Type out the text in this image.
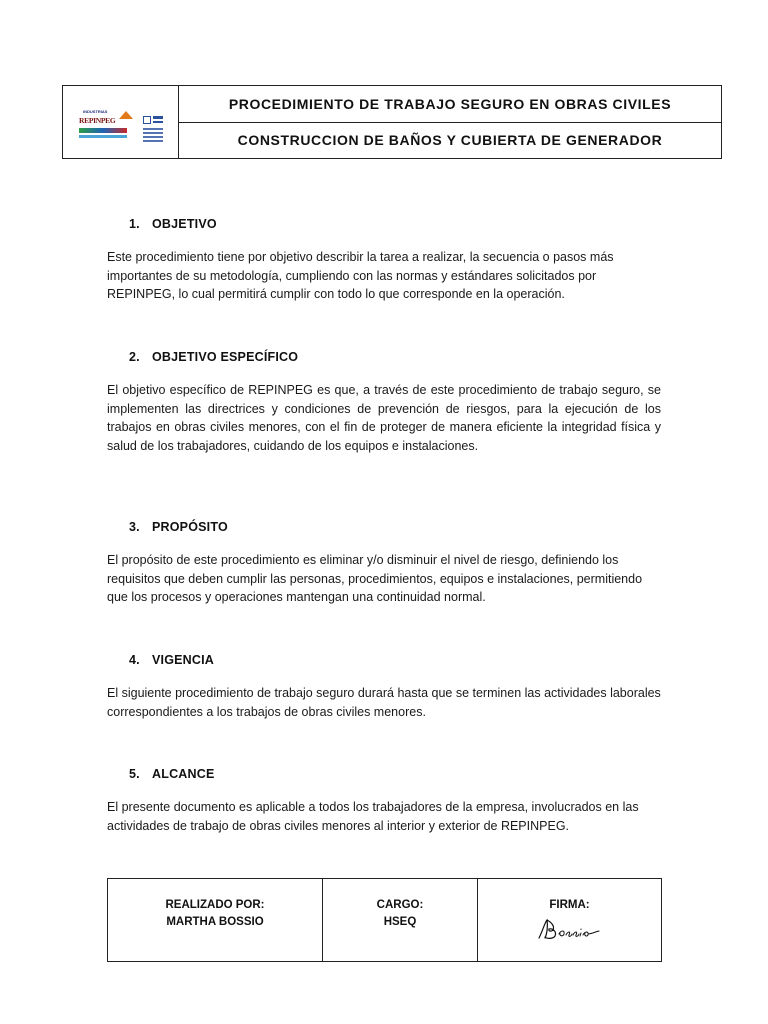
INDUSTRIAS
REPINPEG
PROCEDIMIENTO DE TRABAJO SEGURO EN OBRAS CIVILES
CONSTRUCCION DE BAÑOS Y CUBIERTA DE GENERADOR
1. OBJETIVO

Este procedimiento tiene por objetivo describir la tarea a realizar, la secuencia o pasos más importantes de su metodología, cumpliendo con las normas y estándares solicitados por REPINPEG, lo cual permitirá cumplir con todo lo que corresponde en la operación.

2. OBJETIVO ESPECÍFICO

El objetivo específico de REPINPEG es que, a través de este procedimiento de trabajo seguro, se implementen las directrices y condiciones de prevención de riesgos, para la ejecución de los trabajos en obras civiles menores, con el fin de proteger de manera eficiente la integridad física y salud de los trabajadores, cuidando de los equipos e instalaciones.

3. PROPÓSITO

El propósito de este procedimiento es eliminar y/o disminuir el nivel de riesgo, definiendo los requisitos que deben cumplir las personas, procedimientos, equipos e instalaciones, permitiendo que los procesos y operaciones mantengan una continuidad normal.

4. VIGENCIA

El siguiente procedimiento de trabajo seguro durará hasta que se terminen las actividades laborales correspondientes a los trabajos de obras civiles menores.

5. ALCANCE

El presente documento es aplicable a todos los trabajadores de la empresa, involucrados en las actividades de trabajo de obras civiles menores al interior y exterior de REPINPEG.

REALIZADO POR:
MARTHA BOSSIO
CARGO:
HSEQ
FIRMA:
